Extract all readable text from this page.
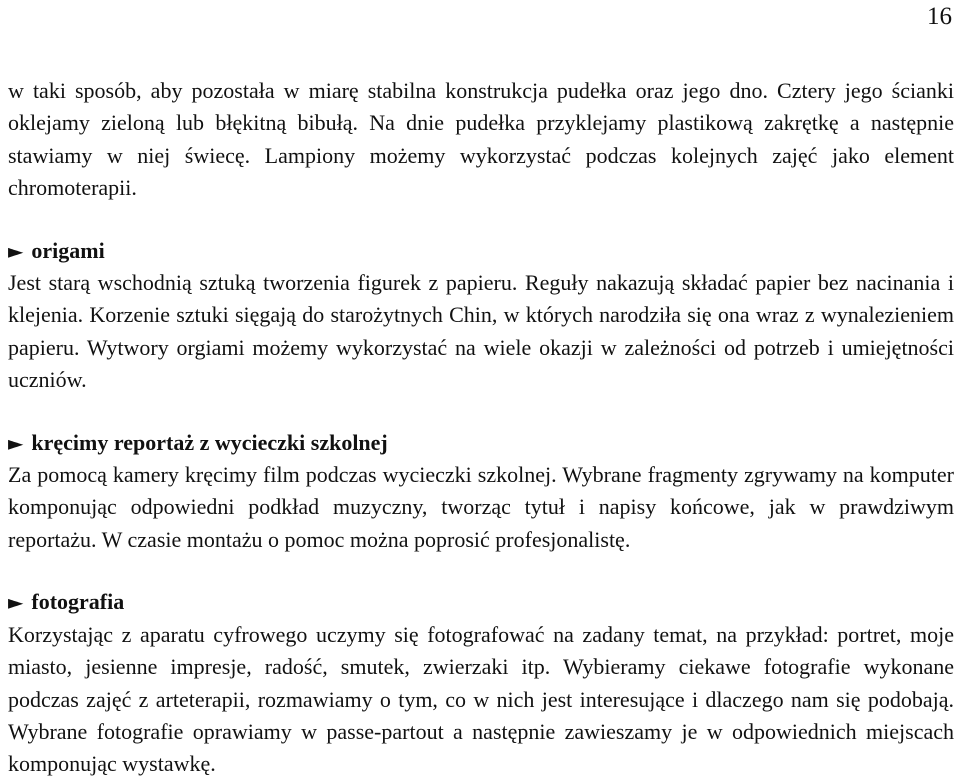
16

w taki sposób, aby pozostała w miarę stabilna konstrukcja pudełka oraz jego dno. Cztery jego ścianki oklejamy zieloną lub błękitną bibułą. Na dnie pudełka przyklejamy plastikową zakrętkę a następnie stawiamy w niej świecę. Lampiony możemy wykorzystać podczas kolejnych zajęć jako element chromoterapii.

► origami

Jest starą wschodnią sztuką tworzenia figurek z papieru. Reguły nakazują składać papier bez nacinania i klejenia. Korzenie sztuki sięgają do starożytnych Chin, w których narodziła się ona wraz z wynalezieniem papieru. Wytwory orgiami możemy wykorzystać na wiele okazji w zależności od potrzeb i umiejętności uczniów.

► kręcimy reportaż z wycieczki szkolnej

Za pomocą kamery kręcimy film podczas wycieczki szkolnej. Wybrane fragmenty zgrywamy na komputer komponując odpowiedni podkład muzyczny, tworząc tytuł i napisy końcowe, jak w prawdziwym reportażu. W czasie montażu o pomoc można poprosić profesjonalistę.

► fotografia

Korzystając z aparatu cyfrowego uczymy się fotografować na zadany temat, na przykład: portret, moje miasto, jesienne impresje, radość, smutek, zwierzaki itp. Wybieramy ciekawe fotografie wykonane podczas zajęć z arteterapii, rozmawiamy o tym, co w nich jest interesujące i dlaczego nam się podobają. Wybrane fotografie oprawiamy w passe-partout a następnie zawieszamy je w odpowiednich miejscach komponując wystawkę.
